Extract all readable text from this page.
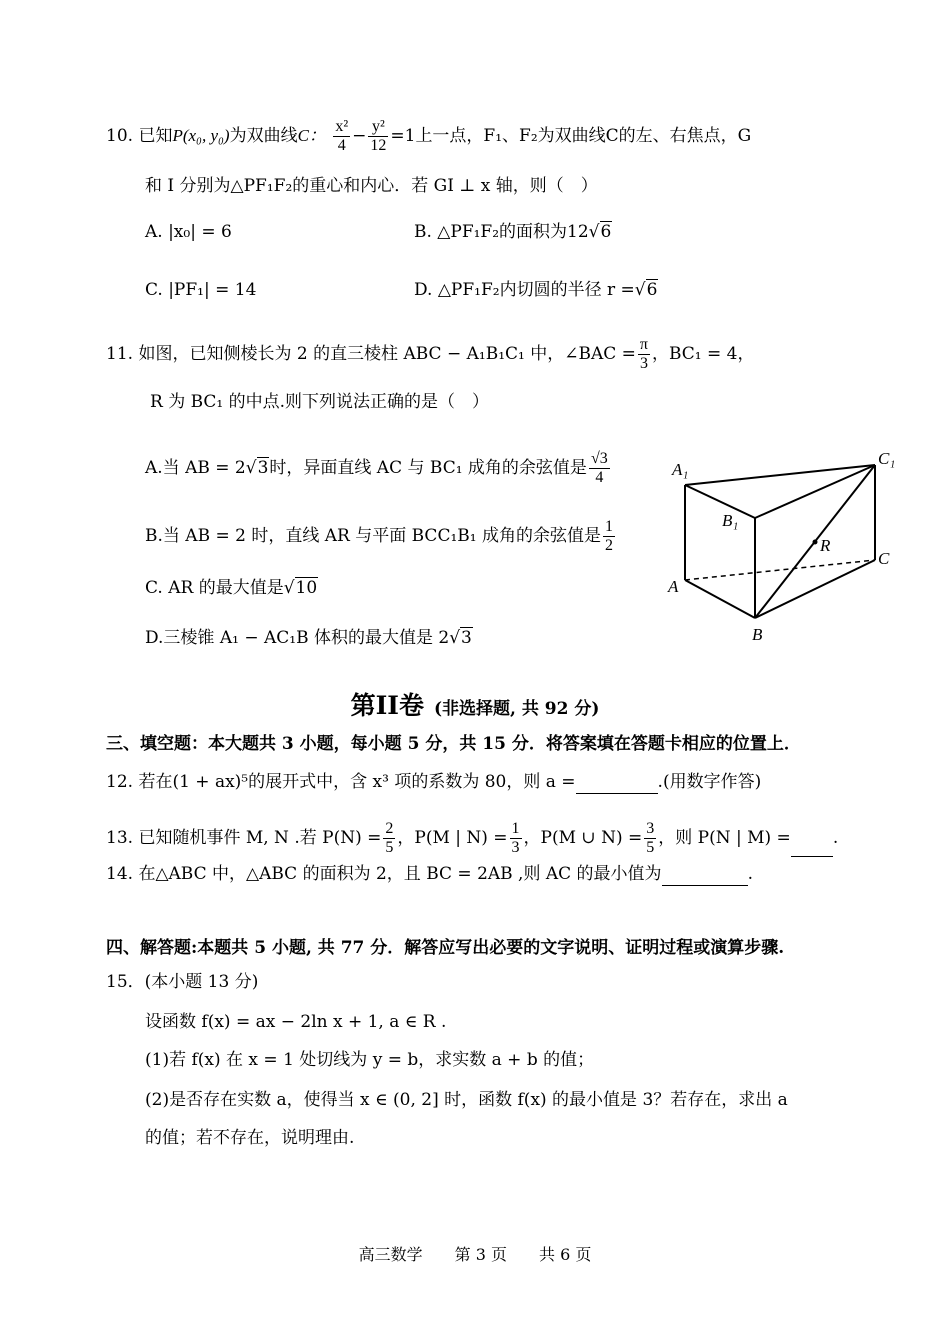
10. 已知P(x₀, y₀)为双曲线C： $\frac{\text{x²}}{4} - \frac{\text{y²}}{12} =1$上一点，F₁、F₂为双曲线C的左、右焦点，G
和 I 分别为△PF₁F₂的重心和内心．若 GI ⊥ x 轴，则（　）
A. |x₀| = 6	B. △PF₁F₂的面积为12√6
C. |PF₁| = 14	D. △PF₁F₂内切圆的半径 r =√6
11. 如图，已知侧棱长为 2 的直三棱柱 ABC − A₁B₁C₁ 中，∠BAC = $\frac{\pi}{3}$ ，BC₁ = 4，
R 为 BC₁ 的中点.则下列说法正确的是（　）
A.当 AB = 2√3时，异面直线 AC 与 BC₁ 成角的余弦值是 $\frac{√3}{4}$
B.当 AB = 2 时，直线 AR 与平面 BCC₁B₁ 成角的余弦值是 $\frac{1}{2}$
C. AR 的最大值是√10
D.三棱锥 A₁ − AC₁B 体积的最大值是 2√3
A₁
C₁
B₁
R
C
A
B
第II卷 (非选择题, 共 92 分)
三、填空题：本大题共 3 小题，每小题 5 分，共 15 分．将答案填在答题卡相应的位置上．
12. 若在(1 + ax)⁵的展开式中，含 x³ 项的系数为 80，则 a =	.(用数字作答)
13. 已知随机事件 M, N .若 $P(N) = \frac{2}{5}$ ，P(M | $N) = \frac{1}{3}$ ，P(M ∪ $N) = \frac{3}{5}$ ，则 P(N | M) = .
14. 在△ABC 中，△ABC 的面积为 2，且 BC = 2AB ,则 AC 的最小值为	.
四、解答题:本题共 5 小题, 共 77 分．解答应写出必要的文字说明、证明过程或演算步骤.
15．(本小题 13 分)
设函数 f(x) = ax − 2ln x + 1, a ∈ R .
(1)若 f(x) 在 x = 1 处切线为 y = b，求实数 a + b 的值；
(2)是否存在实数 a，使得当 x ∈ (0, 2] 时，函数 f(x) 的最小值是 3？若存在，求出 a
的值；若不存在，说明理由.
高三数学　　第 3 页　　共 6 页
